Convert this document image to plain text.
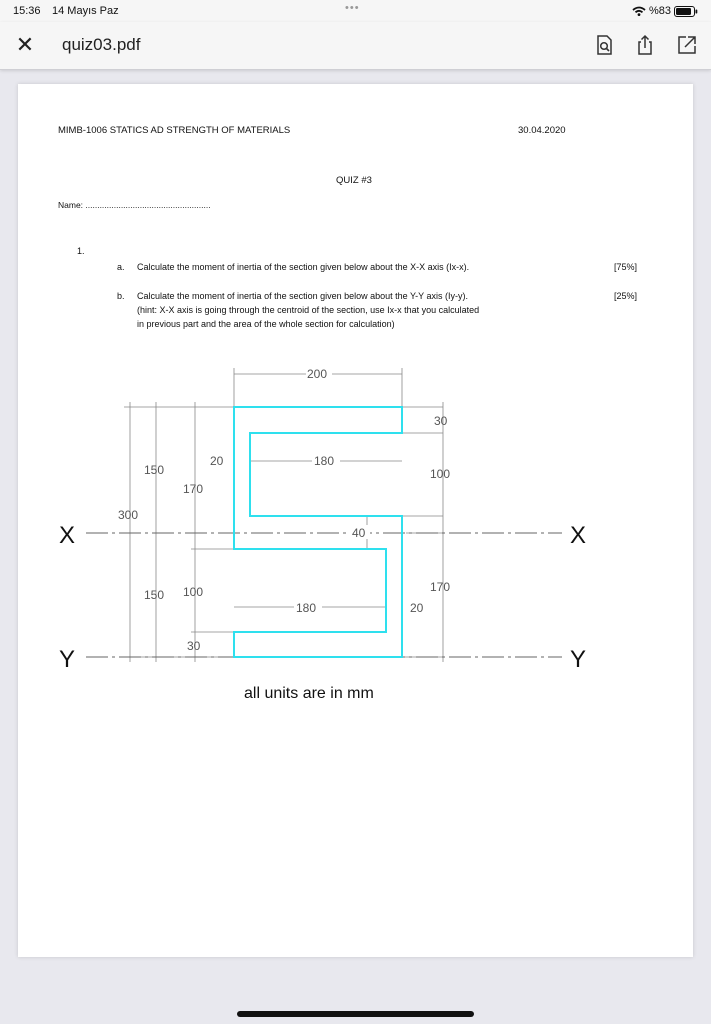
15:36 14 Mayıs Paz	•••	%83
✕ quiz03.pdf
MIMB-1006 STATICS AD STRENGTH OF MATERIALS	30.04.2020
QUIZ #3
Name: .....................................................
1.
a. Calculate the moment of inertia of the section given below about the X-X axis (Ix-x).	[75%]
b. Calculate the moment of inertia of the section given below about the Y-Y axis (Iy-y).
(hint: X-X axis is going through the centroid of the section, use Ix-x that you calculated
in previous part and the area of the whole section for calculation)
[25%]
200
30
20	180
150	100
170
300
40
150 100	170
180	20
30
X	X
Y	Y
all units are in mm
